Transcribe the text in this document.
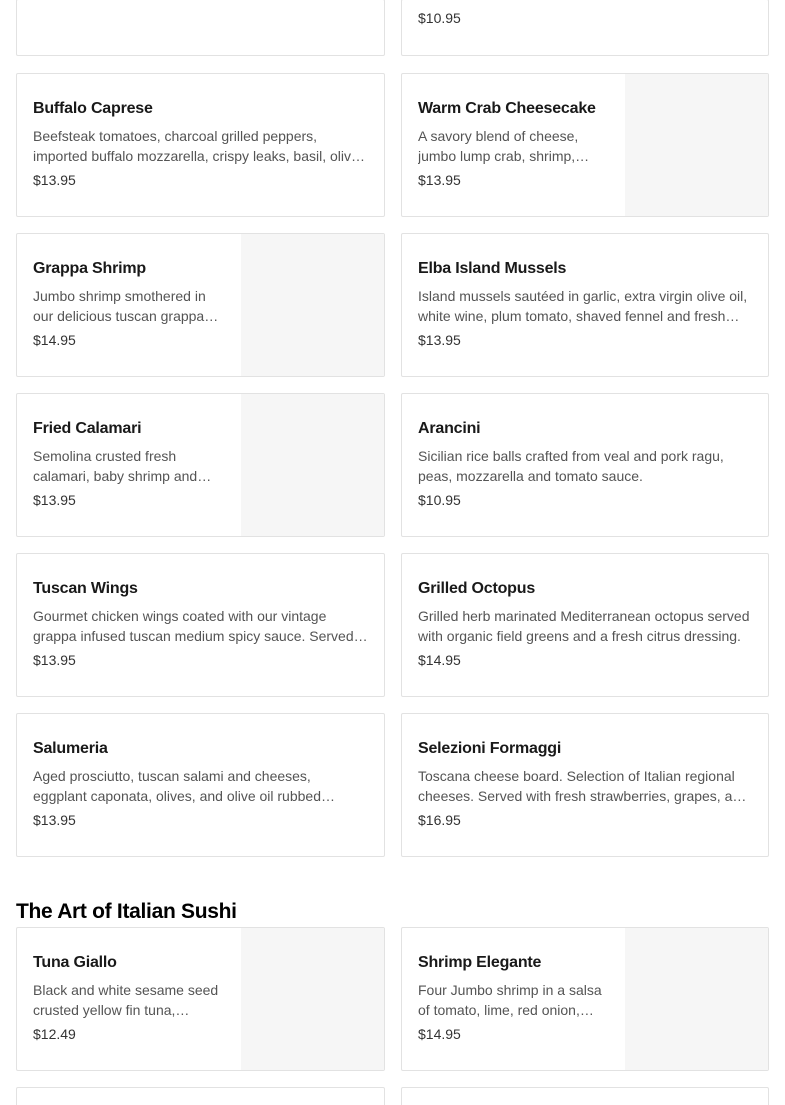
$10.95
Buffalo Caprese
Beefsteak tomatoes, charcoal grilled peppers, imported buffalo mozzarella, crispy leaks, basil, olive
$13.95
Warm Crab Cheesecake
A savory blend of cheese, jumbo lump crab, shrimp,
$13.95
Grappa Shrimp
Jumbo shrimp smothered in our delicious tuscan grappa
$14.95
Elba Island Mussels
Island mussels sautéed in garlic, extra virgin olive oil, white wine, plum tomato, shaved fennel and fresh
$13.95
Fried Calamari
Semolina crusted fresh calamari, baby shrimp and
$13.95
Arancini
Sicilian rice balls crafted from veal and pork ragu, peas, mozzarella and tomato sauce.
$10.95
Tuscan Wings
Gourmet chicken wings coated with our vintage grappa infused tuscan medium spicy sauce. Served
$13.95
Grilled Octopus
Grilled herb marinated Mediterranean octopus served with organic field greens and a fresh citrus dressing.
$14.95
Salumeria
Aged prosciutto, tuscan salami and cheeses, eggplant caponata, olives, and olive oil rubbed
$13.95
Selezioni Formaggi
Toscana cheese board. Selection of Italian regional cheeses. Served with fresh strawberries, grapes, and
$16.95
The Art of Italian Sushi
Tuna Giallo
Black and white sesame seed crusted yellow fin tuna,
$12.49
Shrimp Elegante
Four Jumbo shrimp in a salsa of tomato, lime, red onion,
$14.95
